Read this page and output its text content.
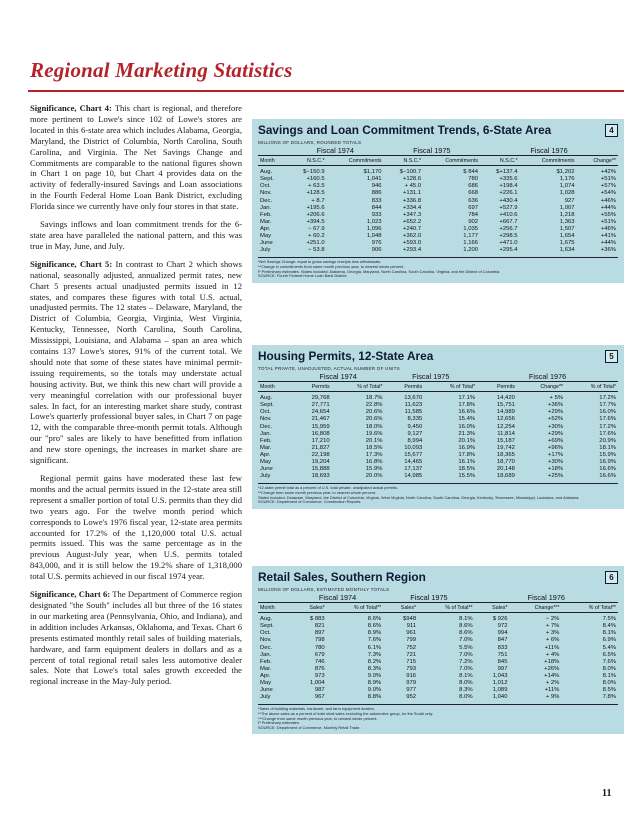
Regional Marketing Statistics

Significance, Chart 4: This chart is regional, and therefore more pertinent to Lowe's since 102 of Lowe's stores are located in this 6-state area which includes Alabama, Georgia, Maryland, the District of Columbia, North Carolina, South Carolina, and Virginia. The Net Savings Change and Commitments are comparable to the national figures shown in Chart 1 on page 10, but Chart 4 provides data on the activity of federally-insured Savings and Loan associations in the Fourth Federal Home Loan Bank District, excluding Florida since we currently have only four stores in that state.

Savings inflows and loan commitment trends for the 6-state area have paralleled the national pattern, and this was true in May, June, and July.

Significance, Chart 5: In contrast to Chart 2 which shows national, seasonally adjusted, annualized permit rates, new Chart 5 presents actual unadjusted permits issued in 12 states, and compares these figures with total U.S. actual, unadjusted permits. The 12 states – Delaware, Maryland, the District of Columbia, Georgia, Virginia, West Virginia, Kentucky, Tennessee, North Carolina, South Carolina, Mississippi, Louisiana, and Alabama – span an area which contains 137 Lowe's stores, 91% of the current total. We should note that some of these states have minimal permit-issuing requirements, so the totals may understate actual housing activity. But, we think this new chart will provide a very meaningful correlation with our professional buyer sales. In fact, for an interesting market share study, contrast Lowe's quarterly professional buyer sales, in Chart 7 on page 12, with the comparable three-month permit totals. Although our "pro" sales are likely to have benefitted from inflation and new store openings, the increases in market share are significant.

Regional permit gains have moderated these last few months and the actual permits issued in the 12-state area still represent a smaller portion of total U.S. permits than they did two years ago. For the twelve month period which corresponds to Lowe's 1976 fiscal year, 12-state area permits accounted for 17.2% of the 1,120,000 total U.S. actual permits issued. This was the same percentage as in the previous August-July year, when U.S. permits totaled 843,000, and it is still below the 19.2% share of 1,318,000 total U.S. permits achieved in our fiscal 1974 year.

Significance, Chart 6: The Department of Commerce region designated "the South" includes all but three of the 16 states in our marketing area (Pennsylvania, Ohio, and Indiana), and in addition includes Arkansas, Oklahoma, and Texas. Chart 6 presents estimated monthly retail sales of building materials, hardware, and farm equipment dealers in dollars and as a percent of total regional retail sales less automotive dealer sales. Note that Lowe's total sales growth exceeded the regional increase in the May-July period.

Savings and Loan Commitment Trends, 6-State Area	4
MILLIONS OF DOLLARS, ROUNDED TOTALS
	Fiscal 1974		Fiscal 1975		Fiscal 1976		
Month	N.S.C.*	Commitments	N.S.C.*	Commitments	N.S.C.*	Commitments	Change**
Aug.	$−150.9	$1,170	$−100.7	$ 844	$+137.4	$1,202	+42%
Sept.	+160.5	1,041	+128.6	780	+335.6	1,176	+51%
Oct.	+ 63.5	946	+ 45.0	686	+198.4	1,074	+57%
Nov.	+128.5	886	+131.1	668	+226.1	1,028	+54%
Dec.	+ 8.7	833	+336.8	636	+430.4	927	+46%
Jan.	+195.6	844	+334.4	697	+527.9	1,007	+44%
Feb.	+206.6	933	+347.3	784	+410.6	1,218	+55%
Mar.	+394.5	1,023	+652.2	902	+667.7	1,363	+51%
Apr.	− 67.9	1,096	+240.7	1,035	+256.7	1,507	+46%
May	+ 60.2	1,048	+362.0	1,177	+298.5	1,654	+41%
June	+251.0	976	+593.0	1,166	+471.0	1,675	+44%
July	− 53.8	906	+293.4	1,200	+295.4	1,634	+36%
*Net Savings Change: equal to gross savings receipts less withdrawals.
**Change in commitments from same month previous year, to nearest whole percent.
P Preliminary estimates. States included: Alabama, Georgia, Maryland, North Carolina, South Carolina, Virginia, and the District of Columbia.
SOURCE: Fourth Federal Home Loan Bank District.
Housing Permits, 12-State Area	5
TOTAL PRIVATE, UNADJUSTED, ACTUAL NUMBER OF UNITS
	Fiscal 1974		Fiscal 1975		Fiscal 1976		
Month	Permits	% of Total*	Permits	% of Total*	Permits	Change**	% of Total*
Aug.	29,768	18.7%	13,670	17.1%	14,420	+ 5%	17.2%
Sept.	27,771	22.8%	11,623	17.8%	15,751	+36%	17.7%
Oct.	24,654	20.6%	11,585	16.6%	14,989	+29%	16.0%
Nov.	21,467	20.6%	8,335	15.4%	12,656	+52%	17.6%
Dec.	15,959	18.0%	9,450	16.0%	12,254	+30%	17.2%
Jan.	16,808	19.6%	9,127	21.3%	11,814	+29%	17.6%
Feb.	17,210	20.1%	8,994	20.1%	15,187	+69%	20.9%
Mar.	21,827	18.5%	10,093	16.9%	19,742	+96%	18.1%
Apr.	22,198	17.3%	15,677	17.8%	18,365	+17%	15.9%
May	19,204	16.8%	14,465	16.1%	18,770	+30%	16.9%
June	15,888	15.9%	17,137	18.5%	20,148	+18%	16.6%
July	18,693	20.0%	14,985	15.5%	18,689	+25%	16.6%
*12-state permit total as a percent of U.S. total private, unadjusted actual permits.
**Change from same month previous year, to nearest whole percent.
States included: Delaware, Maryland, the District of Columbia, Virginia, West Virginia, North Carolina, South Carolina, Georgia, Kentucky, Tennessee, Mississippi, Louisiana, and Alabama.
SOURCE: Department of Commerce, Construction Reports.
Retail Sales, Southern Region	6
MILLIONS OF DOLLARS, ESTIMATED MONTHLY TOTALS
	Fiscal 1974		Fiscal 1975		Fiscal 1976		
Month	Sales*	% of Total**	Sales*	% of Total**	Sales*	Change***	% of Total**
Aug.	$ 883	8.6%	$948	8.1%	$ 926	− 2%	7.5%
Sept.	821	8.6%	911	8.6%	972	+ 7%	8.4%
Oct.	897	8.9%	961	8.6%	994	+ 3%	8.1%
Nov.	798	7.6%	799	7.0%	847	+ 6%	6.9%
Dec.	780	6.1%	752	5.5%	833	+11%	5.4%
Jan.	679	7.3%	721	7.0%	751	+ 4%	6.5%
Feb.	746	8.2%	715	7.2%	845	+18%	7.6%
Mar.	876	8.3%	793	7.0%	997	+26%	8.0%
Apr.	973	9.0%	916	8.1%	1,043	+14%	8.1%
May	1,004	8.9%	979	8.0%	1,012	+ 2%	8.0%
June	987	9.0%	977	8.3%	1,089	+11%	8.5%
July	967	8.8%	952	8.0%	1,040	+ 9%	7.8%
*Sales of building materials, hardware, and farm equipment dealers.
**The above sales as a percent of total retail sales excluding the automotive group, for the South only.
***Change from same month previous year, to nearest whole percent.
P Preliminary estimates.
SOURCE: Department of Commerce, Monthly Retail Trade.
11
